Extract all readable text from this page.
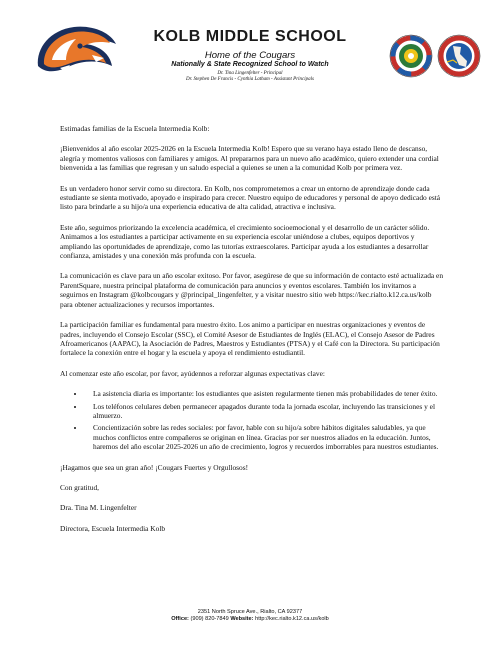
KOLB MIDDLE SCHOOL
Home of the Cougars
Nationally & State Recognized School to Watch
Dr. Tina Lingenfelter - Principal
Dr. Stephen De Francis - Cynthia Latham - Assistant Principals

Estimadas familias de la Escuela Intermedia Kolb:

¡Bienvenidos al año escolar 2025-2026 en la Escuela Intermedia Kolb! Espero que su verano haya estado lleno de descanso, alegría y momentos valiosos con familiares y amigos. Al prepararnos para un nuevo año académico, quiero extender una cordial bienvenida a las familias que regresan y un saludo especial a quienes se unen a la comunidad Kolb por primera vez.

Es un verdadero honor servir como su directora. En Kolb, nos comprometemos a crear un entorno de aprendizaje donde cada estudiante se sienta motivado, apoyado e inspirado para crecer. Nuestro equipo de educadores y personal de apoyo dedicado está listo para brindarle a su hijo/a una experiencia educativa de alta calidad, atractiva e inclusiva.

Este año, seguimos priorizando la excelencia académica, el crecimiento socioemocional y el desarrollo de un carácter sólido. Animamos a los estudiantes a participar activamente en su experiencia escolar uniéndose a clubes, equipos deportivos y ampliando las oportunidades de aprendizaje, como las tutorías extraescolares. Participar ayuda a los estudiantes a desarrollar confianza, amistades y una conexión más profunda con la escuela.

La comunicación es clave para un año escolar exitoso. Por favor, asegúrese de que su información de contacto esté actualizada en ParentSquare, nuestra principal plataforma de comunicación para anuncios y eventos escolares. También los invitamos a seguirnos en Instagram @kolbcougars y @principal_lingenfelter, y a visitar nuestro sitio web https://kec.rialto.k12.ca.us/kolb para obtener actualizaciones y recursos importantes.

La participación familiar es fundamental para nuestro éxito. Los animo a participar en nuestras organizaciones y eventos de padres, incluyendo el Consejo Escolar (SSC), el Comité Asesor de Estudiantes de Inglés (ELAC), el Consejo Asesor de Padres Afroamericanos (AAPAC), la Asociación de Padres, Maestros y Estudiantes (PTSA) y el Café con la Directora. Su participación fortalece la conexión entre el hogar y la escuela y apoya el rendimiento estudiantil.

Al comenzar este año escolar, por favor, ayúdennos a reforzar algunas expectativas clave:

• La asistencia diaria es importante: los estudiantes que asisten regularmente tienen más probabilidades de tener éxito.
• Los teléfonos celulares deben permanecer apagados durante toda la jornada escolar, incluyendo las transiciones y el almuerzo.
• Concientización sobre las redes sociales: por favor, hable con su hijo/a sobre hábitos digitales saludables, ya que muchos conflictos entre compañeros se originan en línea. Gracias por ser nuestros aliados en la educación. Juntos, haremos del año escolar 2025-2026 un año de crecimiento, logros y recuerdos imborrables para nuestros estudiantes.

¡Hagamos que sea un gran año! ¡Cougars Fuertes y Orgullosos!

Con gratitud,

Dra. Tina M. Lingenfelter

Directora, Escuela Intermedia Kolb

2351 North Spruce Ave., Rialto, CA 92377
Office: (909) 820-7849 Website: http://kec.rialto.k12.ca.us/kolb
